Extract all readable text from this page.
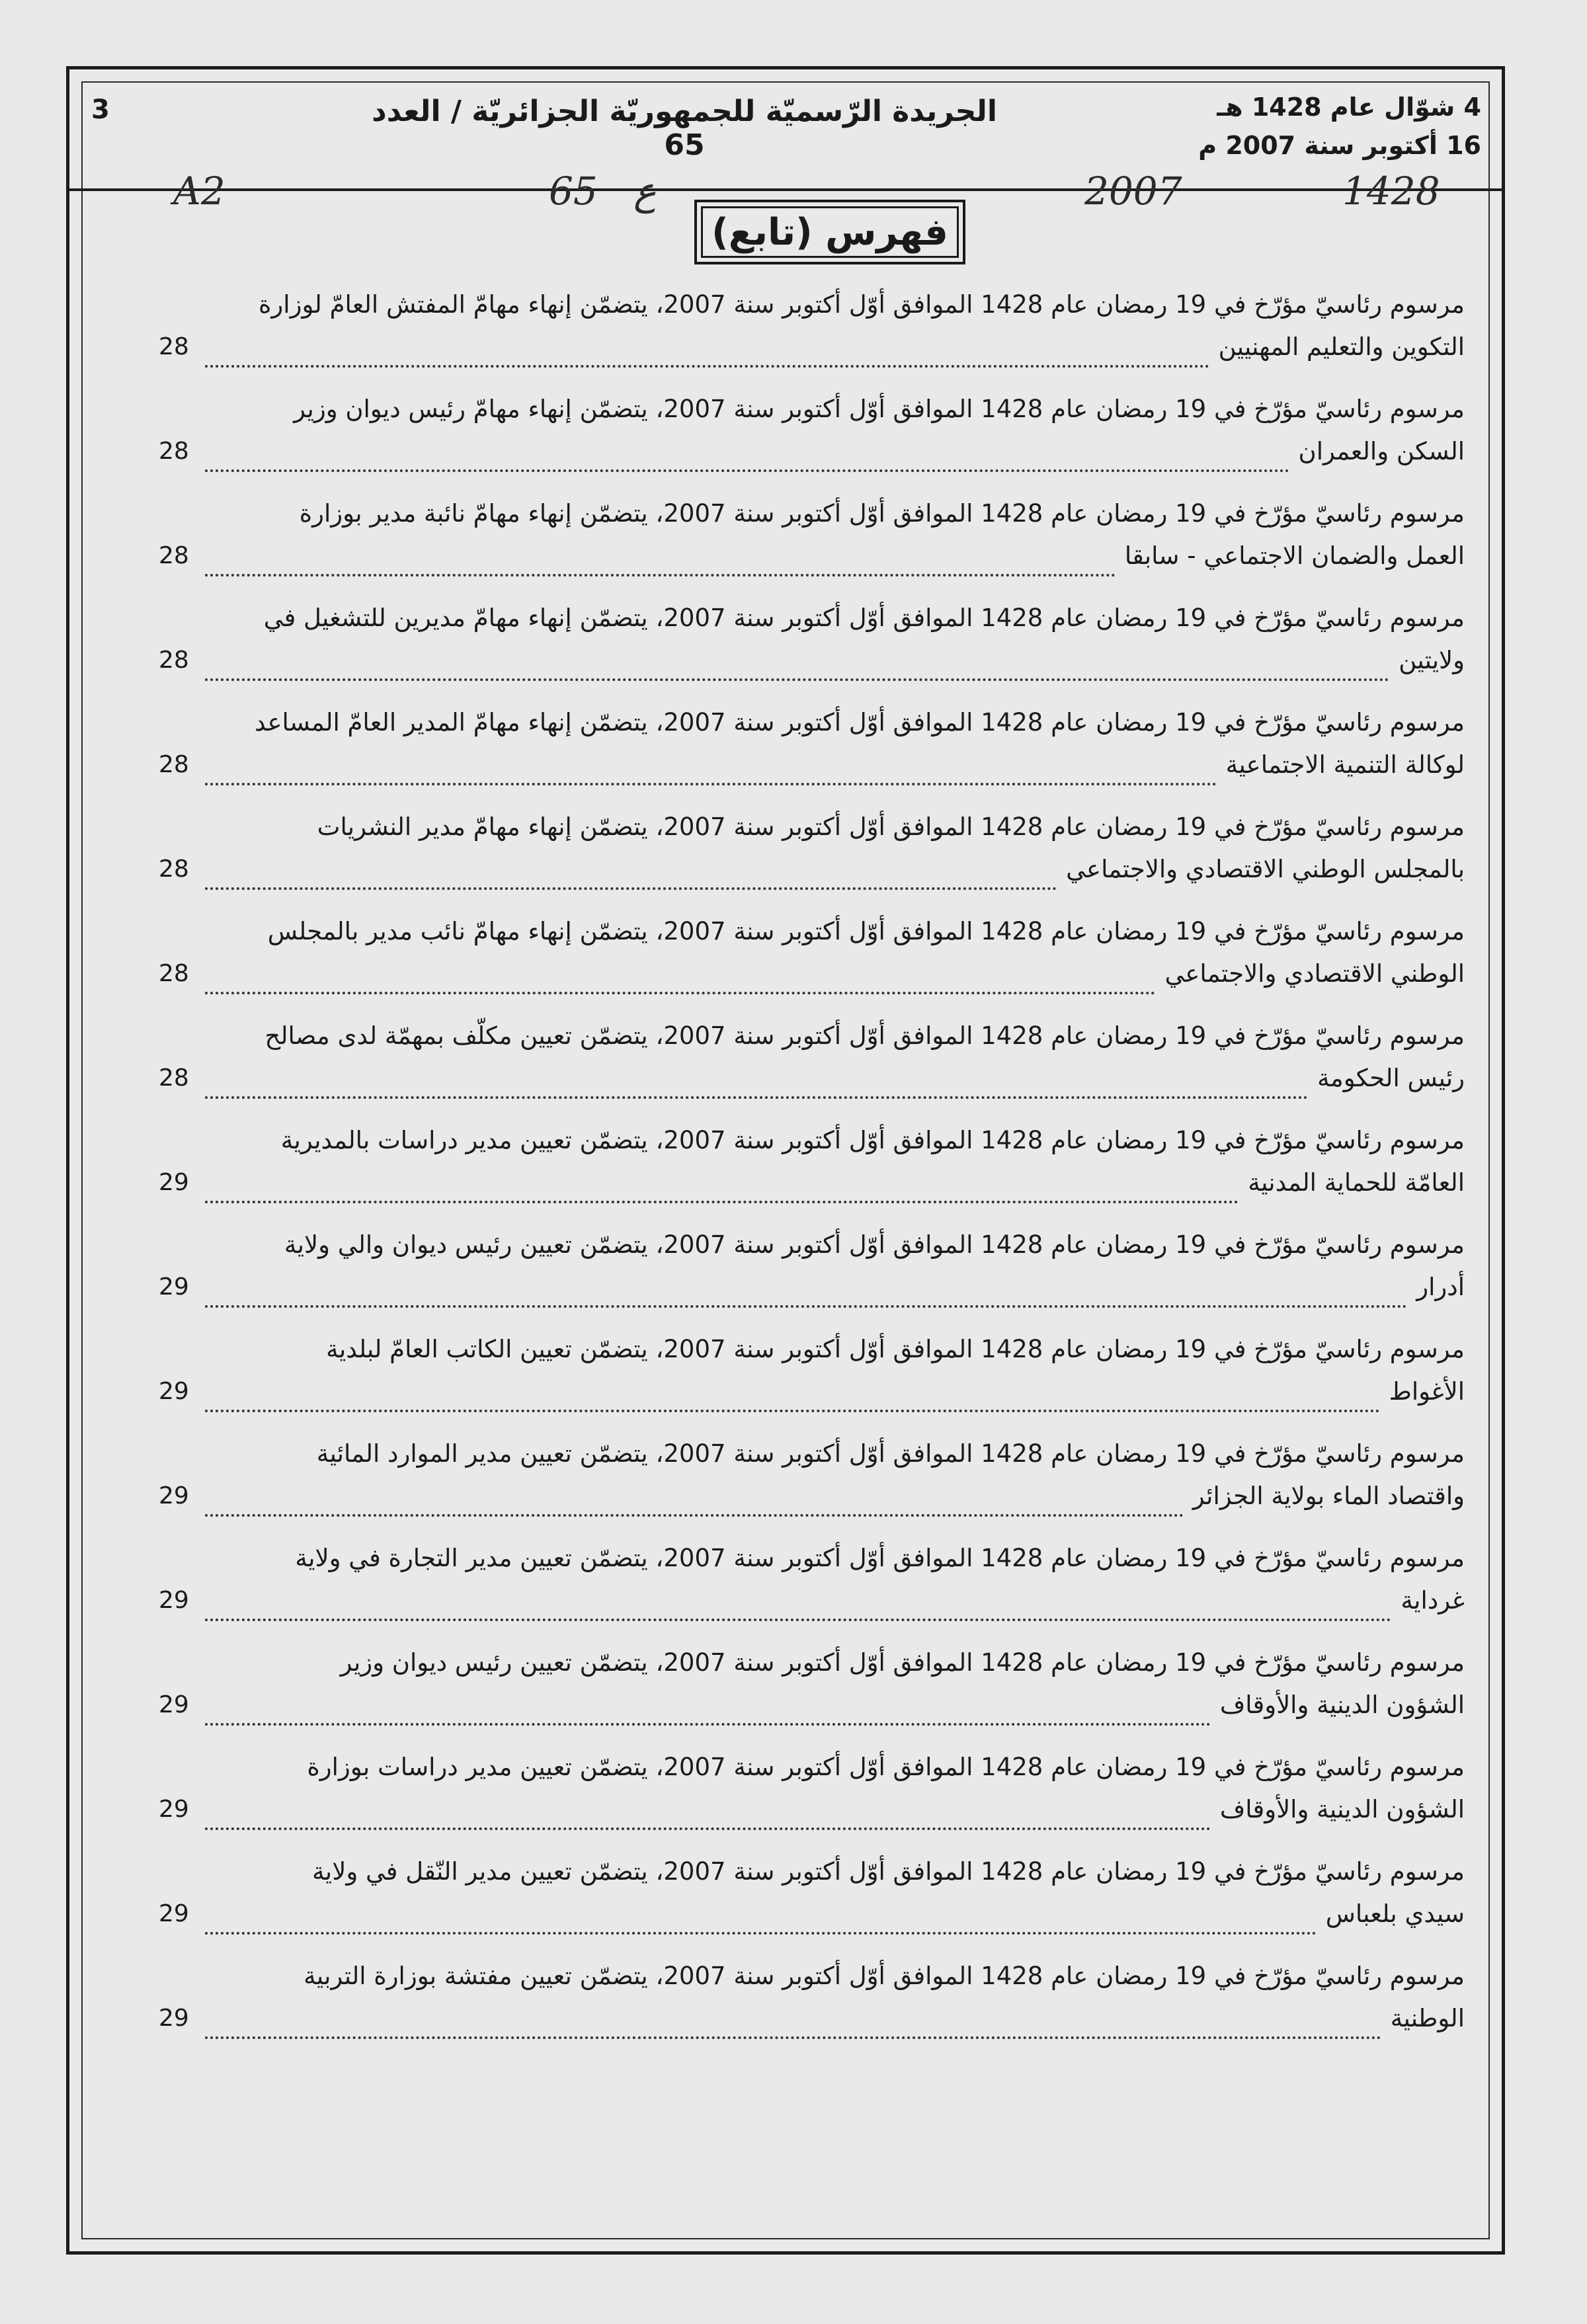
4 شوّال عام 1428 هـ
16 أكتوبر سنة 2007 م
الجريدة الرّسميّة للجمهوريّة الجزائريّة / العدد 65
3
A2	65 ع	2007	1428
فهرس (تابع)
مرسوم رئاسيّ مؤرّخ في 19 رمضان عام 1428 الموافق أوّل أكتوبر سنة 2007، يتضمّن إنهاء مهامّ المفتش العامّ لوزارة
التكوين والتعليم المهنيين
28
مرسوم رئاسيّ مؤرّخ في 19 رمضان عام 1428 الموافق أوّل أكتوبر سنة 2007، يتضمّن إنهاء مهامّ رئيس ديوان وزير
السكن والعمران
28
مرسوم رئاسيّ مؤرّخ في 19 رمضان عام 1428 الموافق أوّل أكتوبر سنة 2007، يتضمّن إنهاء مهامّ نائبة مدير بوزارة
العمل والضمان الاجتماعي - سابقا
28
مرسوم رئاسيّ مؤرّخ في 19 رمضان عام 1428 الموافق أوّل أكتوبر سنة 2007، يتضمّن إنهاء مهامّ مديرين للتشغيل في
ولايتين
28
مرسوم رئاسيّ مؤرّخ في 19 رمضان عام 1428 الموافق أوّل أكتوبر سنة 2007، يتضمّن إنهاء مهامّ المدير العامّ المساعد
لوكالة التنمية الاجتماعية
28
مرسوم رئاسيّ مؤرّخ في 19 رمضان عام 1428 الموافق أوّل أكتوبر سنة 2007، يتضمّن إنهاء مهامّ مدير النشريات
بالمجلس الوطني الاقتصادي والاجتماعي
28
مرسوم رئاسيّ مؤرّخ في 19 رمضان عام 1428 الموافق أوّل أكتوبر سنة 2007، يتضمّن إنهاء مهامّ نائب مدير بالمجلس
الوطني الاقتصادي والاجتماعي
28
مرسوم رئاسيّ مؤرّخ في 19 رمضان عام 1428 الموافق أوّل أكتوبر سنة 2007، يتضمّن تعيين مكلّف بمهمّة لدى مصالح
رئيس الحكومة
28
مرسوم رئاسيّ مؤرّخ في 19 رمضان عام 1428 الموافق أوّل أكتوبر سنة 2007، يتضمّن تعيين مدير دراسات بالمديرية
العامّة للحماية المدنية
29
مرسوم رئاسيّ مؤرّخ في 19 رمضان عام 1428 الموافق أوّل أكتوبر سنة 2007، يتضمّن تعيين رئيس ديوان والي ولاية
أدرار
29
مرسوم رئاسيّ مؤرّخ في 19 رمضان عام 1428 الموافق أوّل أكتوبر سنة 2007، يتضمّن تعيين الكاتب العامّ لبلدية
الأغواط
29
مرسوم رئاسيّ مؤرّخ في 19 رمضان عام 1428 الموافق أوّل أكتوبر سنة 2007، يتضمّن تعيين مدير الموارد المائية
واقتصاد الماء بولاية الجزائر
29
مرسوم رئاسيّ مؤرّخ في 19 رمضان عام 1428 الموافق أوّل أكتوبر سنة 2007، يتضمّن تعيين مدير التجارة في ولاية
غرداية
29
مرسوم رئاسيّ مؤرّخ في 19 رمضان عام 1428 الموافق أوّل أكتوبر سنة 2007، يتضمّن تعيين رئيس ديوان وزير
الشؤون الدينية والأوقاف
29
مرسوم رئاسيّ مؤرّخ في 19 رمضان عام 1428 الموافق أوّل أكتوبر سنة 2007، يتضمّن تعيين مدير دراسات بوزارة
الشؤون الدينية والأوقاف
29
مرسوم رئاسيّ مؤرّخ في 19 رمضان عام 1428 الموافق أوّل أكتوبر سنة 2007، يتضمّن تعيين مدير النّقل في ولاية
سيدي بلعباس
29
مرسوم رئاسيّ مؤرّخ في 19 رمضان عام 1428 الموافق أوّل أكتوبر سنة 2007، يتضمّن تعيين مفتشة بوزارة التربية
الوطنية
29
